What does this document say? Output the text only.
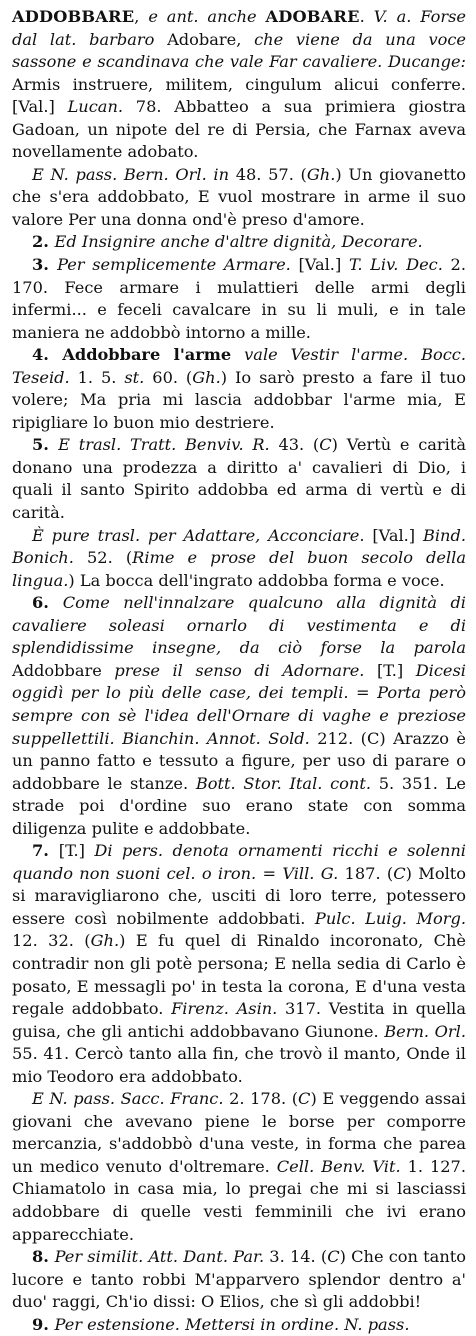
ADDOBBARE, e ant. anche ADOBARE. V. a. Forse dal lat. barbaro Adobare, che viene da una voce sassone e scandinava che vale Far cavaliere. Ducange: Armis instruere, militem, cingulum alicui conferre. [Val.] Lucan. 78. Abbatteo a sua primiera giostra Gadoan, un nipote del re di Persia, che Farnax aveva novellamente adobato.

E N. pass. Bern. Orl. in 48. 57. (Gh.) Un giovanetto che s'era addobbato, E vuol mostrare in arme il suo valore Per una donna ond'è preso d'amore.

2. Ed Insignire anche d'altre dignità, Decorare.

3. Per semplicemente Armare. [Val.] T. Liv. Dec. 2. 170. Fece armare i mulattieri delle armi degli infermi... e feceli cavalcare in su li muli, e in tale maniera ne addobbò intorno a mille.

4. Addobbare l'arme vale Vestir l'arme. Bocc. Teseid. 1. 5. st. 60. (Gh.) Io sarò presto a fare il tuo volere; Ma pria mi lascia addobbar l'arme mia, E ripigliare lo buon mio destriere.

5. E trasl. Tratt. Benviv. R. 43. (C) Vertù e carità donano una prodezza a diritto a' cavalieri di Dio, i quali il santo Spirito addobba ed arma di vertù e di carità.

È pure trasl. per Adattare, Acconciare. [Val.] Bind. Bonich. 52. (Rime e prose del buon secolo della lingua.) La bocca dell'ingrato addobba forma e voce.

6. Come nell'innalzare qualcuno alla dignità di cavaliere soleasi ornarlo di vestimenta e di splendidissime insegne, da ciò forse la parola Addobbare prese il senso di Adornare. [T.] Dicesi oggidì per lo più delle case, dei templi. = Porta però sempre con sè l'idea dell'Ornare di vaghe e preziose suppellettili. Bianchin. Annot. Sold. 212. (C) Arazzo è un panno fatto e tessuto a figure, per uso di parare o addobbare le stanze. Bott. Stor. Ital. cont. 5. 351. Le strade poi d'ordine suo erano state con somma diligenza pulite e addobbate.

7. [T.] Di pers. denota ornamenti ricchi e solenni quando non suoni cel. o iron. = Vill. G. 187. (C) Molto si maravigliarono che, usciti di loro terre, potessero essere così nobilmente addobbati. Pulc. Luig. Morg. 12. 32. (Gh.) E fu quel di Rinaldo incoronato, Chè contradir non gli potè persona; E nella sedia di Carlo è posato, E messagli po' in testa la corona, E d'una vesta regale addobbato. Firenz. Asin. 317. Vestita in quella guisa, che gli antichi addobbavano Giunone. Bern. Orl. 55. 41. Cercò tanto alla fin, che trovò il manto, Onde il mio Teodoro era addobbato.

E N. pass. Sacc. Franc. 2. 178. (C) E veggendo assai giovani che avevano piene le borse per comporre mercanzia, s'addobbò d'una veste, in forma che parea un medico venuto d'oltremare. Cell. Benv. Vit. 1. 127. Chiamatolo in casa mia, lo pregai che mi si lasciassi addobbare di quelle vesti femminili che ivi erano apparecchiate.

8. Per similit. Att. Dant. Par. 3. 14. (C) Che con tanto lucore e tanto robbi M'apparvero splendor dentro a' duo' raggi, Ch'io dissi: O Elios, che sì gli addobbi!

9. Per estensione. Mettersi in ordine. N. pass.
